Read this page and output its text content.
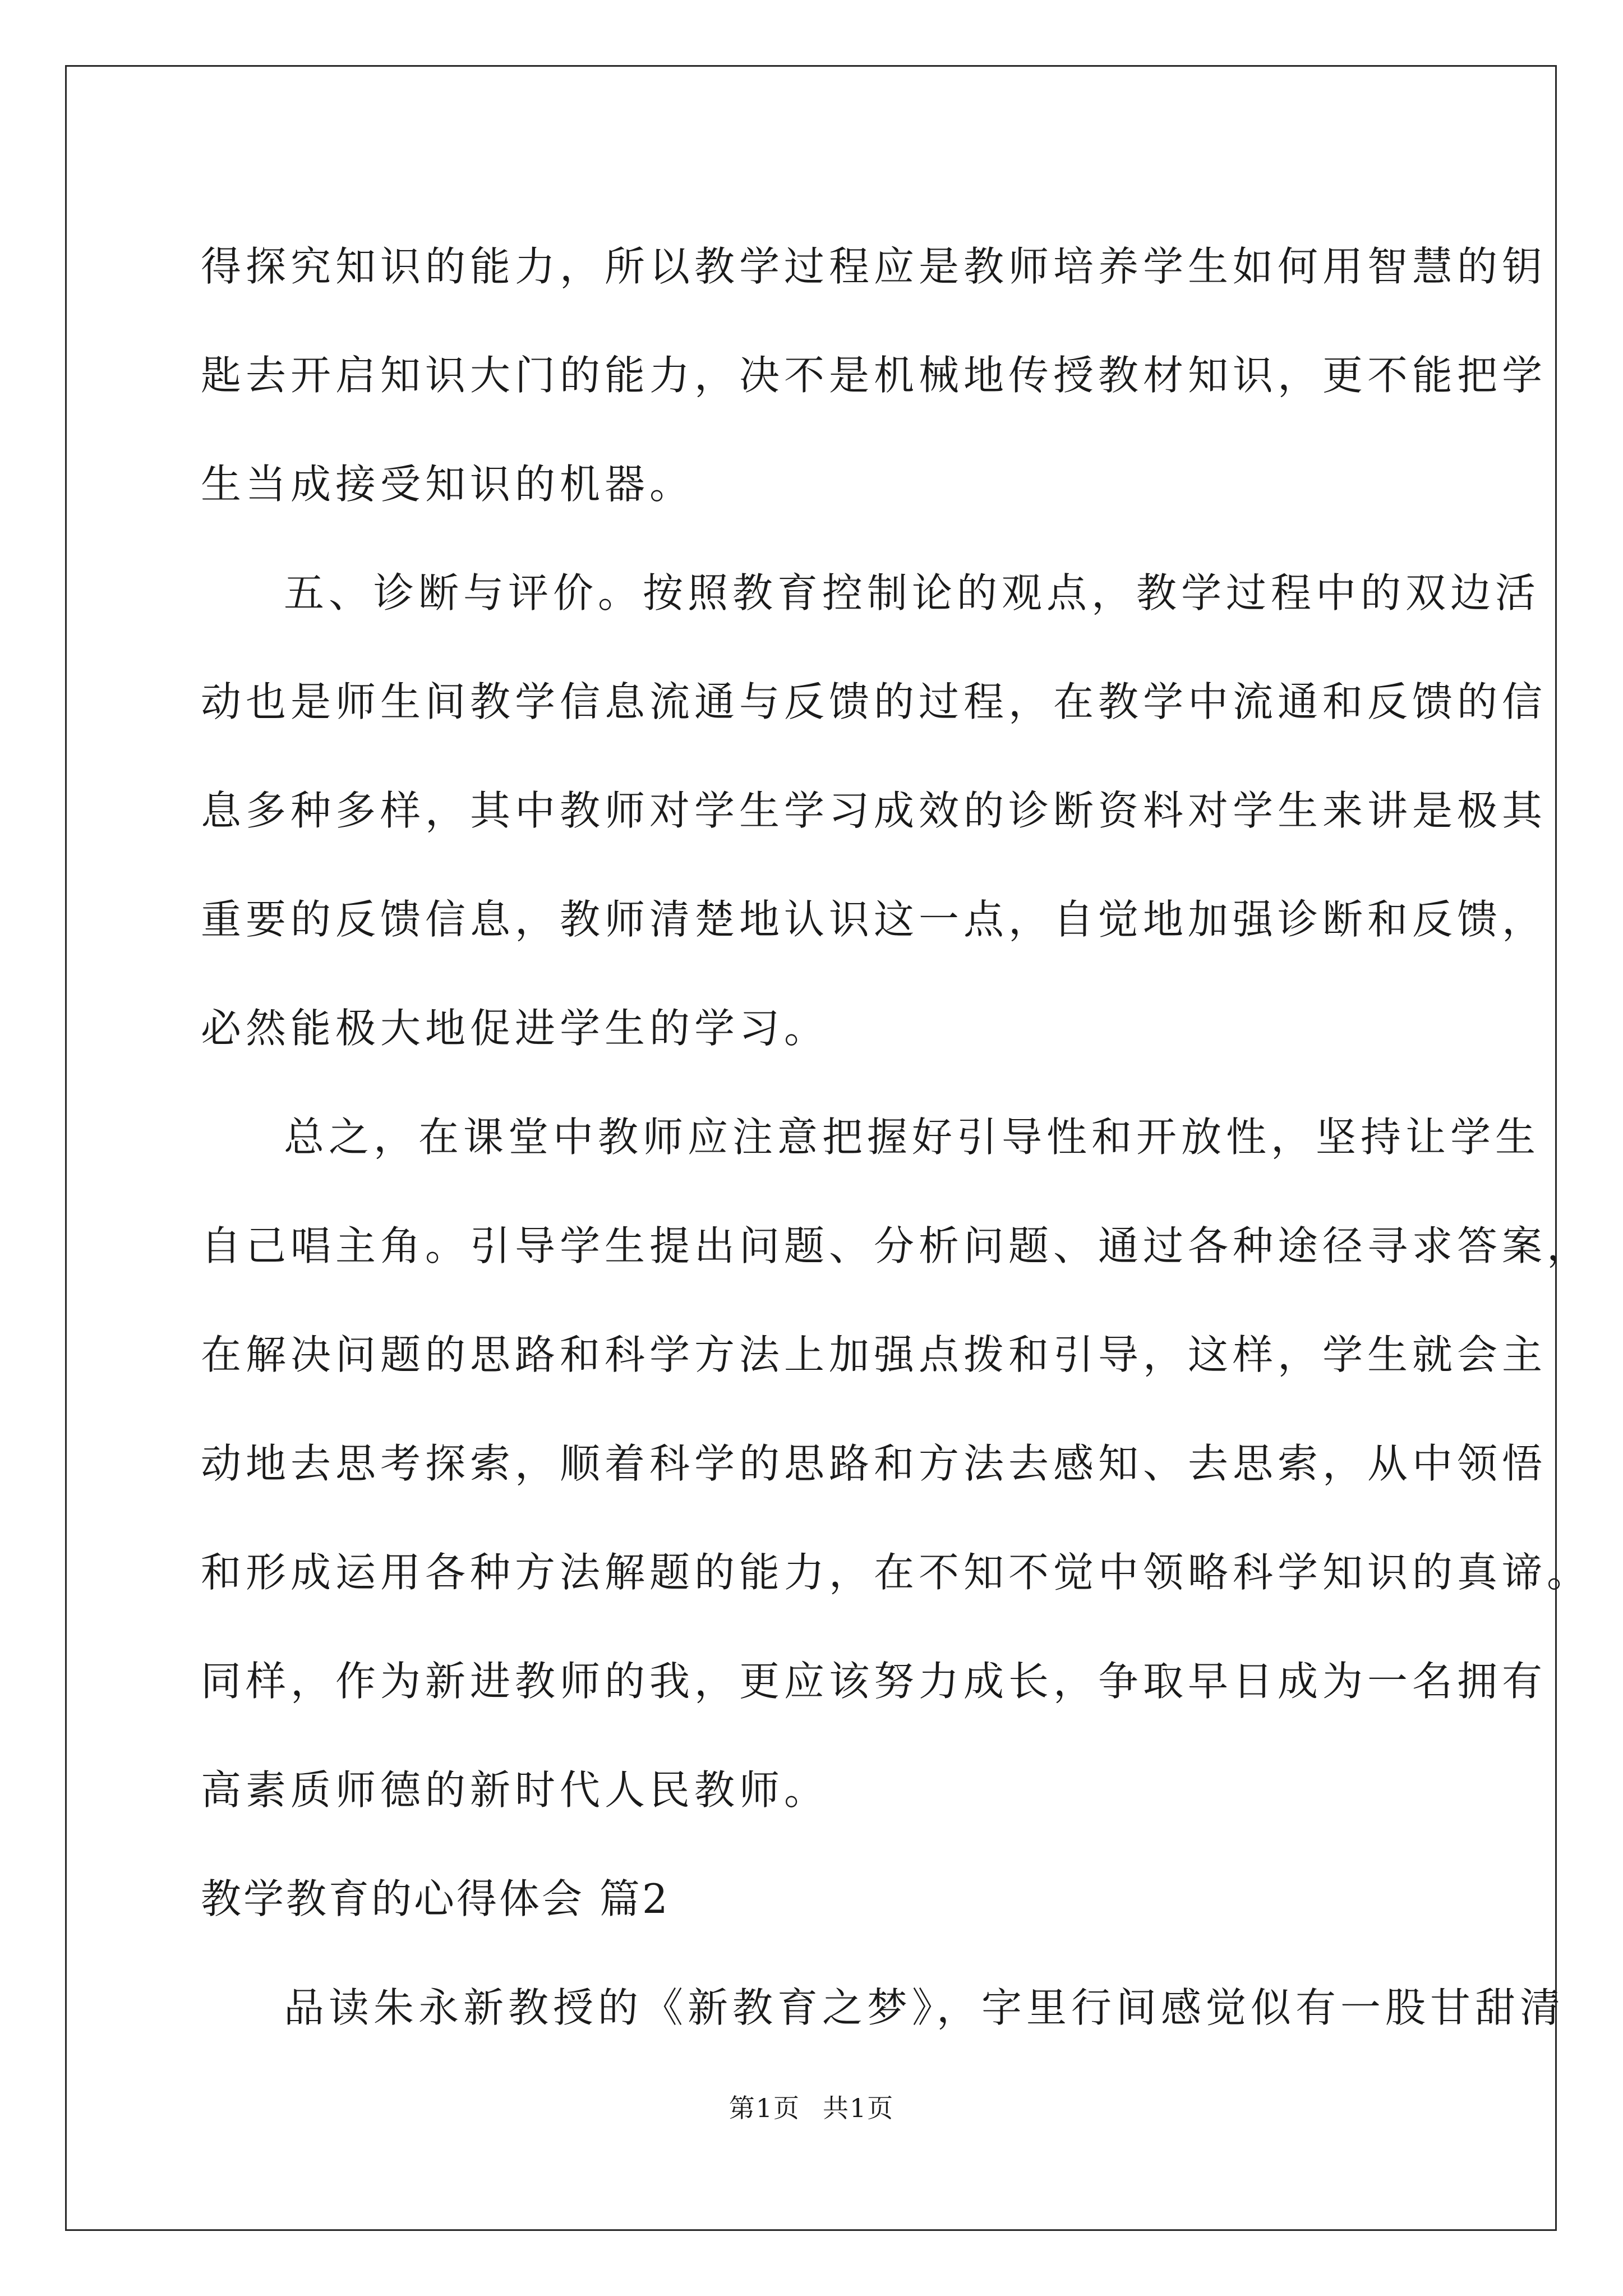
得探究知识的能力，所以教学过程应是教师培养学生如何用智慧的钥
匙去开启知识大门的能力，决不是机械地传授教材知识，更不能把学
生当成接受知识的机器。
五、诊断与评价。按照教育控制论的观点，教学过程中的双边活
动也是师生间教学信息流通与反馈的过程，在教学中流通和反馈的信
息多种多样，其中教师对学生学习成效的诊断资料对学生来讲是极其
重要的反馈信息，教师清楚地认识这一点，自觉地加强诊断和反馈，
必然能极大地促进学生的学习。
总之，在课堂中教师应注意把握好引导性和开放性，坚持让学生
自己唱主角。引导学生提出问题、分析问题、通过各种途径寻求答案，
在解决问题的思路和科学方法上加强点拨和引导，这样，学生就会主
动地去思考探索，顺着科学的思路和方法去感知、去思索，从中领悟
和形成运用各种方法解题的能力，在不知不觉中领略科学知识的真谛。
同样，作为新进教师的我，更应该努力成长，争取早日成为一名拥有
高素质师德的新时代人民教师。
教学教育的心得体会 篇2
品读朱永新教授的《新教育之梦》，字里行间感觉似有一股甘甜清
第1页 共1页
